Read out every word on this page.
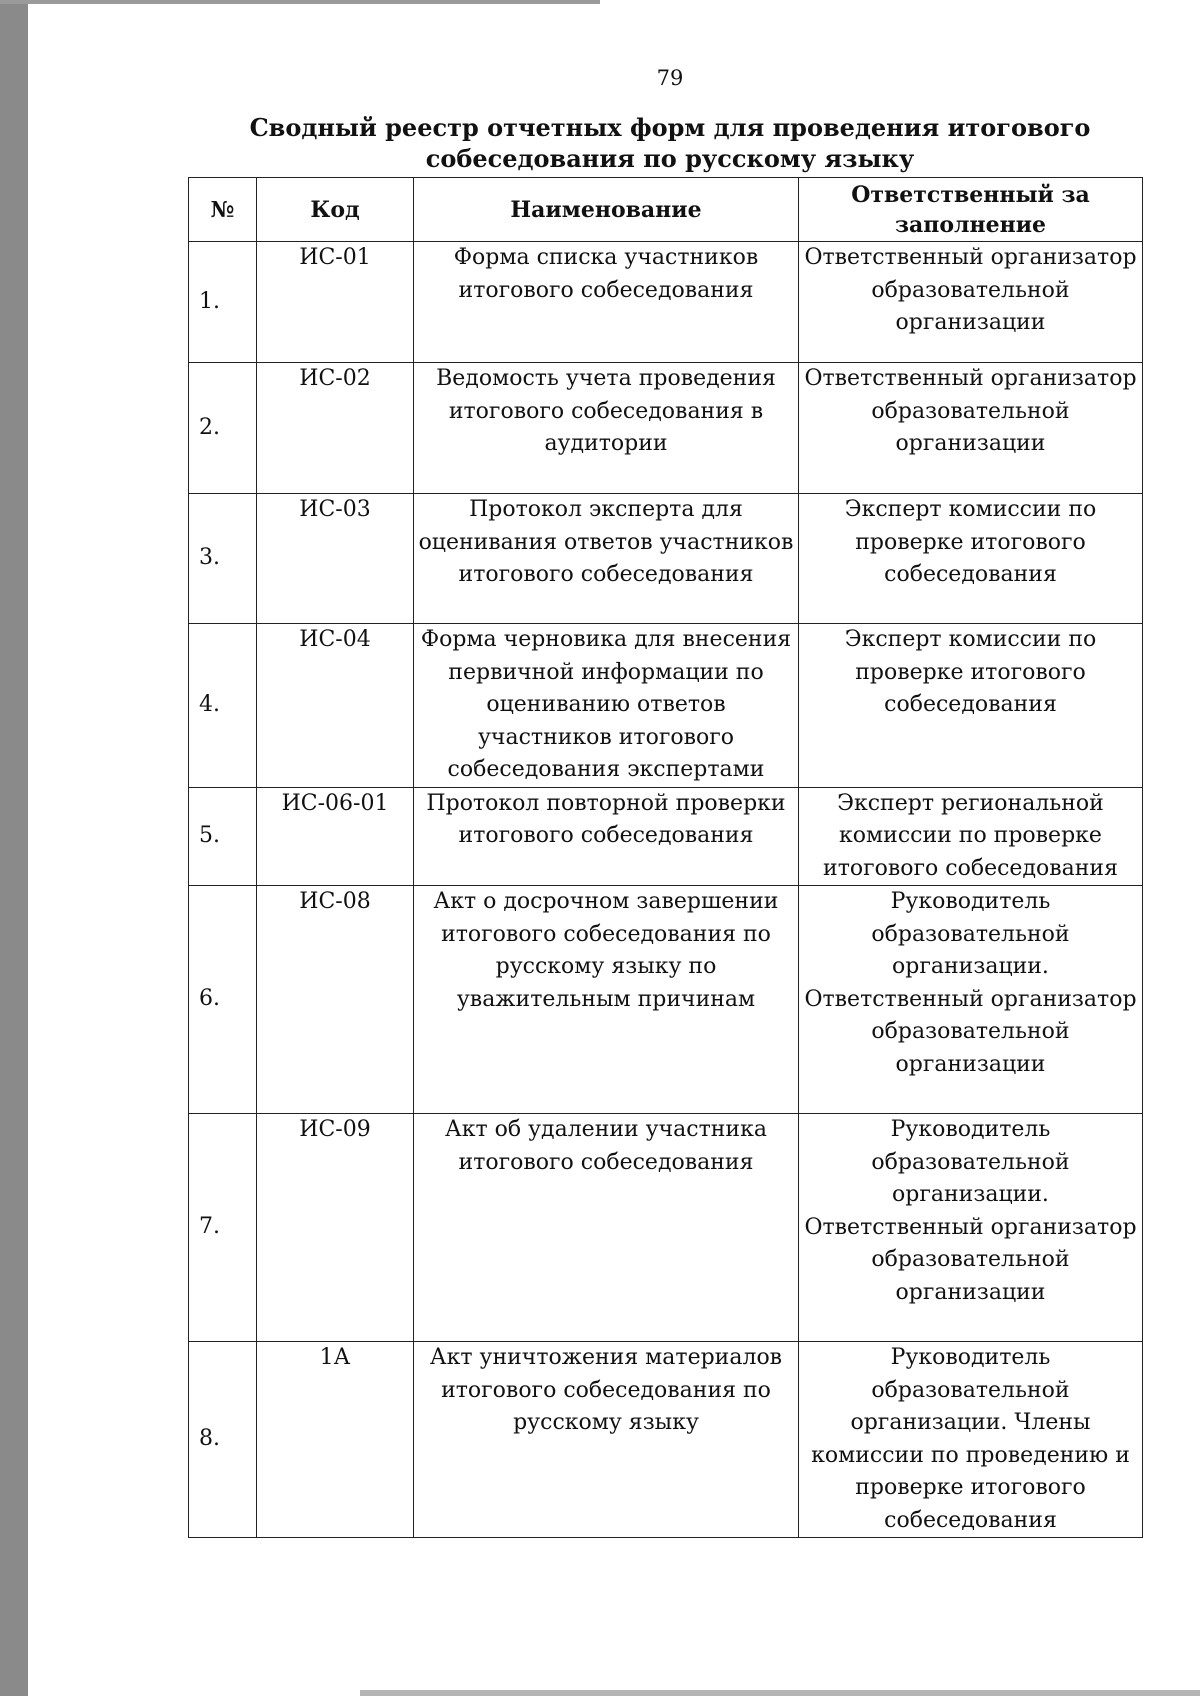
79
Сводный реестр отчетных форм для проведения итогового
собеседования по русскому языку
№	Код	Наименование	Ответственный за заполнение
1.	ИС-01	Форма списка участников итогового собеседования	Ответственный организатор образовательной организации
2.	ИС-02	Ведомость учета проведения итогового собеседования в аудитории	Ответственный организатор образовательной организации
3.	ИС-03	Протокол эксперта для оценивания ответов участников итогового собеседования	Эксперт комиссии по проверке итогового собеседования
4.	ИС-04	Форма черновика для внесения первичной информации по оцениванию ответов участников итогового собеседования экспертами	Эксперт комиссии по проверке итогового собеседования
5.	ИС-06-01	Протокол повторной проверки итогового собеседования	Эксперт региональной комиссии по проверке итогового собеседования
6.	ИС-08	Акт о досрочном завершении итогового собеседования по русскому языку по уважительным причинам	Руководитель образовательной организации. Ответственный организатор образовательной организации
7.	ИС-09	Акт об удалении участника итогового собеседования	Руководитель образовательной организации. Ответственный организатор образовательной организации
8.	1А	Акт уничтожения материалов итогового собеседования по русскому языку	Руководитель образовательной организации. Члены комиссии по проведению и проверке итогового собеседования
